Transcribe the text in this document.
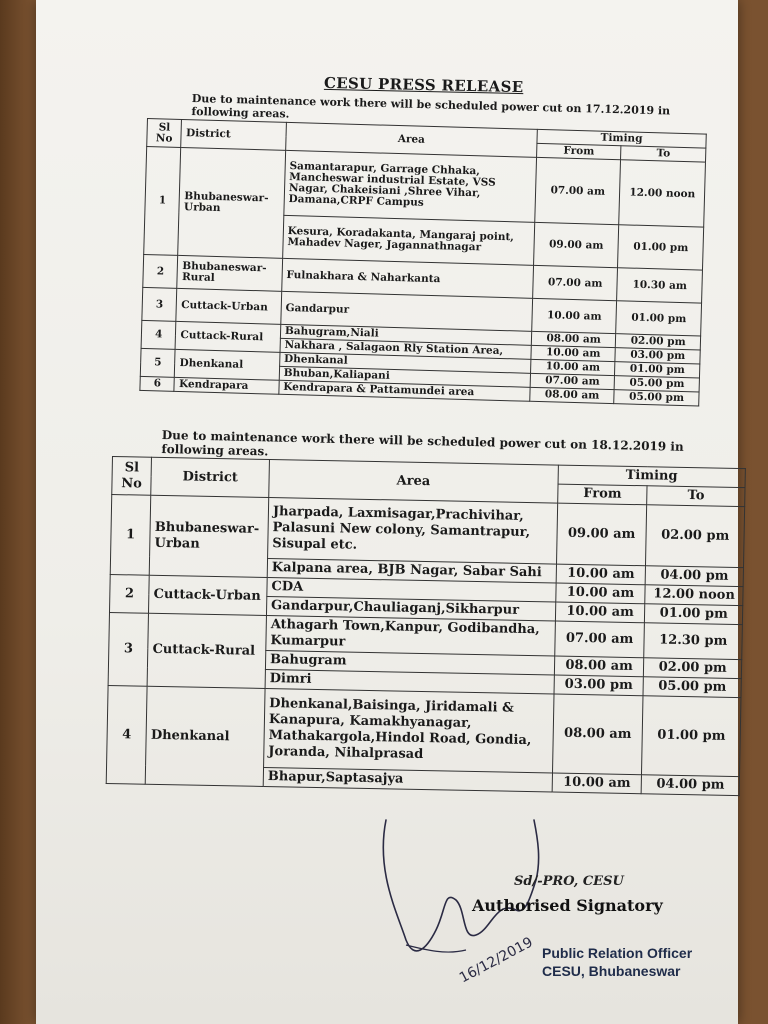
CESU PRESS RELEASE
Due to maintenance work there will be scheduled power cut on 17.12.2019 in following areas.
Sl No	District	Area	Timing	
			From	To
1	Bhubaneswar-Urban	Samantarapur, Garrage Chhaka, Mancheswar industrial Estate, VSS Nagar, Chakeisiani ,Shree Vihar, Damana,CRPF Campus	07.00 am	12.00 noon
		Kesura, Koradakanta, Mangaraj point, Mahadev Nager, Jagannathnagar	09.00 am	01.00 pm
2	Bhubaneswar-Rural	Fulnakhara & Naharkanta	07.00 am	10.30 am
3	Cuttack-Urban	Gandarpur	10.00 am	01.00 pm
4	Cuttack-Rural	Bahugram,Niali	08.00 am	02.00 pm
		Nakhara , Salagaon Rly Station Area,	10.00 am	03.00 pm
5	Dhenkanal	Dhenkanal	10.00 am	01.00 pm
		Bhuban,Kaliapani	07.00 am	05.00 pm
6	Kendrapara	Kendrapara & Pattamundei area	08.00 am	05.00 pm
Due to maintenance work there will be scheduled power cut on 18.12.2019 in following areas.
Sl No	District	Area	Timing	
			From	To
1	Bhubaneswar-Urban	Jharpada, Laxmisagar,Prachivihar, Palasuni New colony, Samantrapur, Sisupal etc.	09.00 am	02.00 pm
		Kalpana area, BJB Nagar, Sabar Sahi	10.00 am	04.00 pm
2	Cuttack-Urban	CDA	10.00 am	12.00 noon
		Gandarpur,Chauliaganj,Sikharpur	10.00 am	01.00 pm
3	Cuttack-Rural	Athagarh Town,Kanpur, Godibandha, Kumarpur	07.00 am	12.30 pm
		Bahugram	08.00 am	02.00 pm
		Dimri	03.00 pm	05.00 pm
4	Dhenkanal	Dhenkanal,Baisinga, Jiridamali & Kanapura, Kamakhyanagar, Mathakargola,Hindol Road, Gondia, Joranda, Nihalprasad	08.00 am	01.00 pm
		Bhapur,Saptasajya	10.00 am	04.00 pm
16/12/2019
Sd/-PRO, CESU
Authorised Signatory
Public Relation Officer
CESU, Bhubaneswar
